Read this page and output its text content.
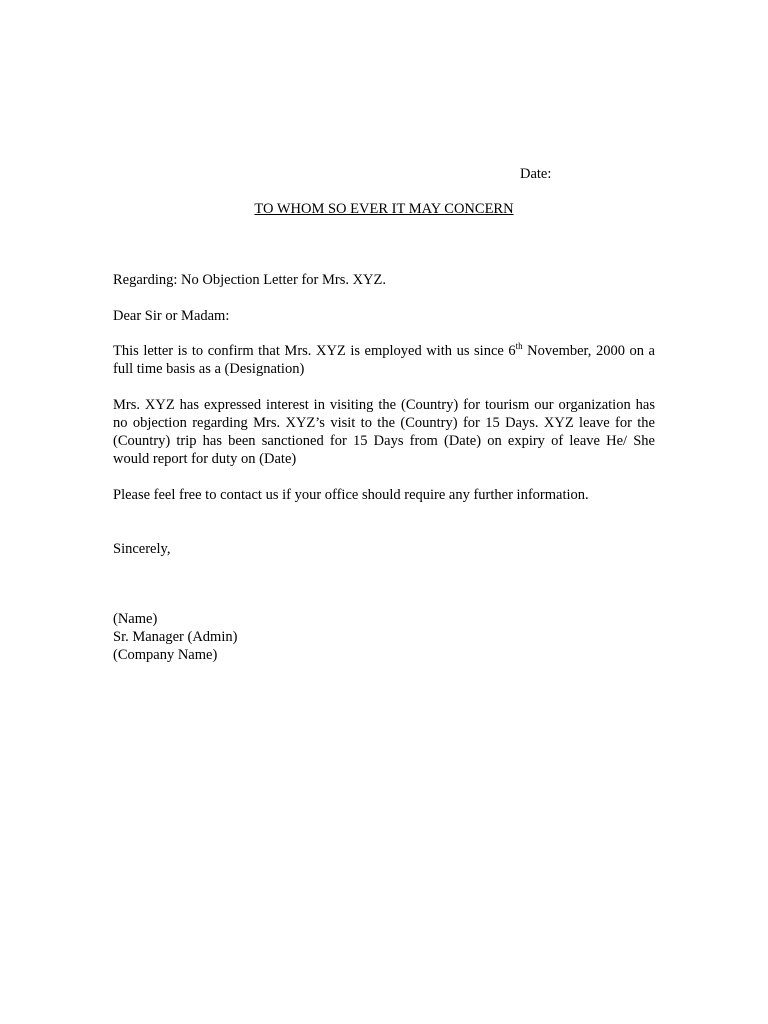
Date:
TO WHOM SO EVER IT MAY CONCERN
Regarding: No Objection Letter for Mrs. XYZ.
Dear Sir or Madam:
This letter is to confirm that Mrs. XYZ is employed with us since 6th November, 2000 on a full time basis as a (Designation)
Mrs. XYZ has expressed interest in visiting the (Country) for tourism our organization has no objection regarding Mrs. XYZ’s visit to the (Country) for 15 Days. XYZ leave for the (Country) trip has been sanctioned for 15 Days from (Date) on expiry of leave He/ She would report for duty on (Date)
Please feel free to contact us if your office should require any further information.
Sincerely,
(Name)
Sr. Manager (Admin)
(Company Name)
